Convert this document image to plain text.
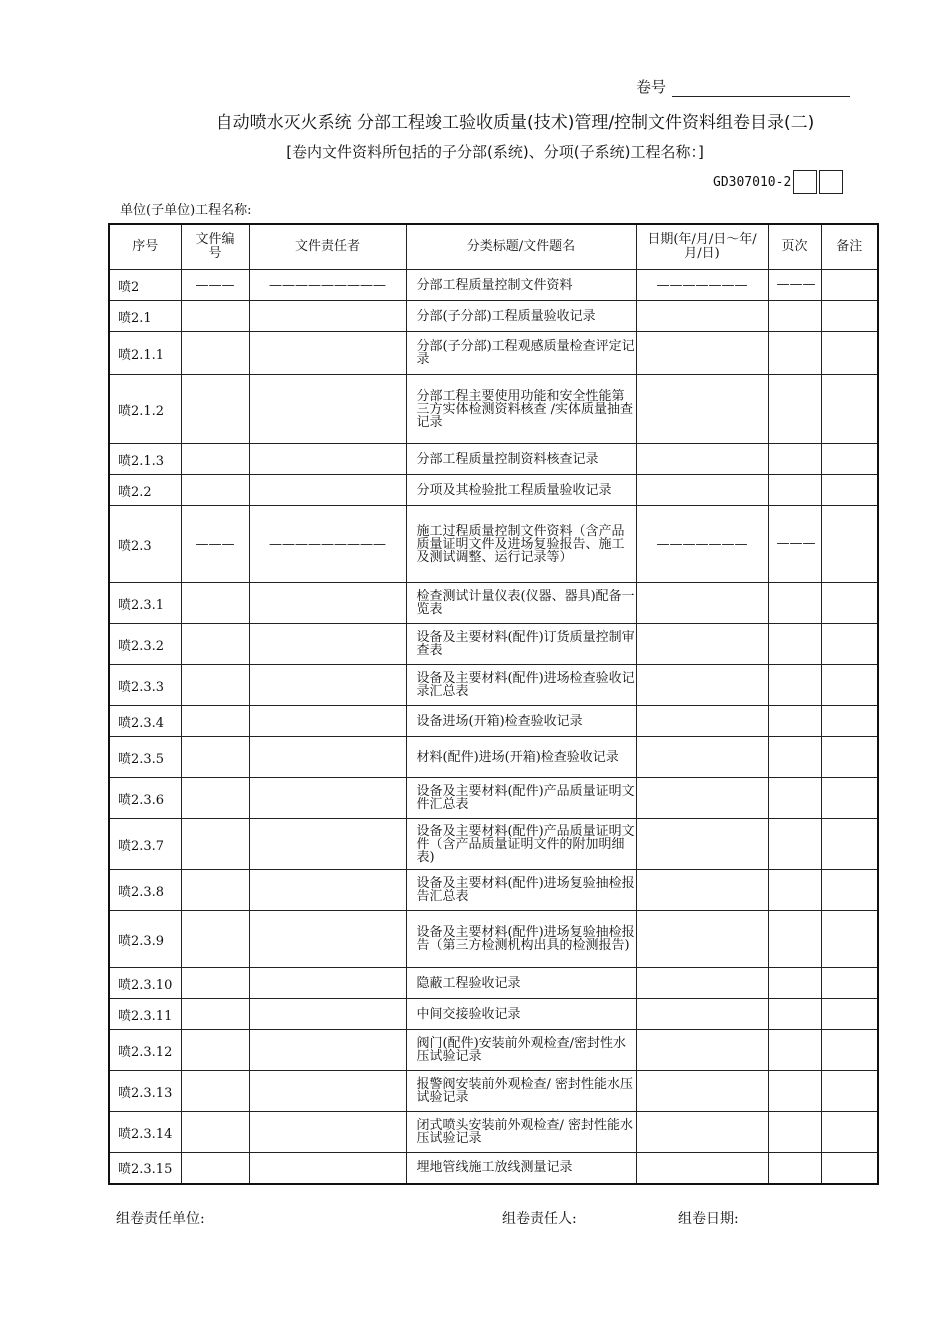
卷号
自动喷水灭火系统 分部工程竣工验收质量(技术)管理/控制文件资料组卷目录(二)
[卷内文件资料所包括的子分部(系统)、分项(子系统)工程名称：]
GD307010-2
单位(子单位)工程名称:
序号	文件编号	文件责任者	分类标题/文件题名	日期(年/月/日～年/月/日)	页次	备注
喷2	———	—————————	分部工程质量控制文件资料	———————	———	
喷2.1			分部(子分部)工程质量验收记录			
喷2.1.1			分部(子分部)工程观感质量检查评定记录			
喷2.1.2			分部工程主要使用功能和安全性能第三方实体检测资料核查 /实体质量抽查记录			
喷2.1.3			分部工程质量控制资料核查记录			
喷2.2			分项及其检验批工程质量验收记录			
喷2.3	———	—————————	施工过程质量控制文件资料（含产品质量证明文件及进场复验报告、施工及测试调整、运行记录等）	———————	———	
喷2.3.1			检查测试计量仪表(仪器、器具)配备一览表			
喷2.3.2			设备及主要材料(配件)订货质量控制审查表			
喷2.3.3			设备及主要材料(配件)进场检查验收记录汇总表			
喷2.3.4			设备进场(开箱)检查验收记录			
喷2.3.5			材料(配件)进场(开箱)检查验收记录			
喷2.3.6			设备及主要材料(配件)产品质量证明文件汇总表			
喷2.3.7			设备及主要材料(配件)产品质量证明文件（含产品质量证明文件的附加明细表)			
喷2.3.8			设备及主要材料(配件)进场复验抽检报告汇总表			
喷2.3.9			设备及主要材料(配件)进场复验抽检报告（第三方检测机构出具的检测报告)			
喷2.3.10			隐蔽工程验收记录			
喷2.3.11			中间交接验收记录			
喷2.3.12			阀门(配件)安装前外观检查/密封性水压试验记录			
喷2.3.13			报警阀安装前外观检查/ 密封性能水压试验记录			
喷2.3.14			闭式喷头安装前外观检查/ 密封性能水压试验记录			
喷2.3.15			埋地管线施工放线测量记录			
组卷责任单位:	组卷责任人:	组卷日期:
